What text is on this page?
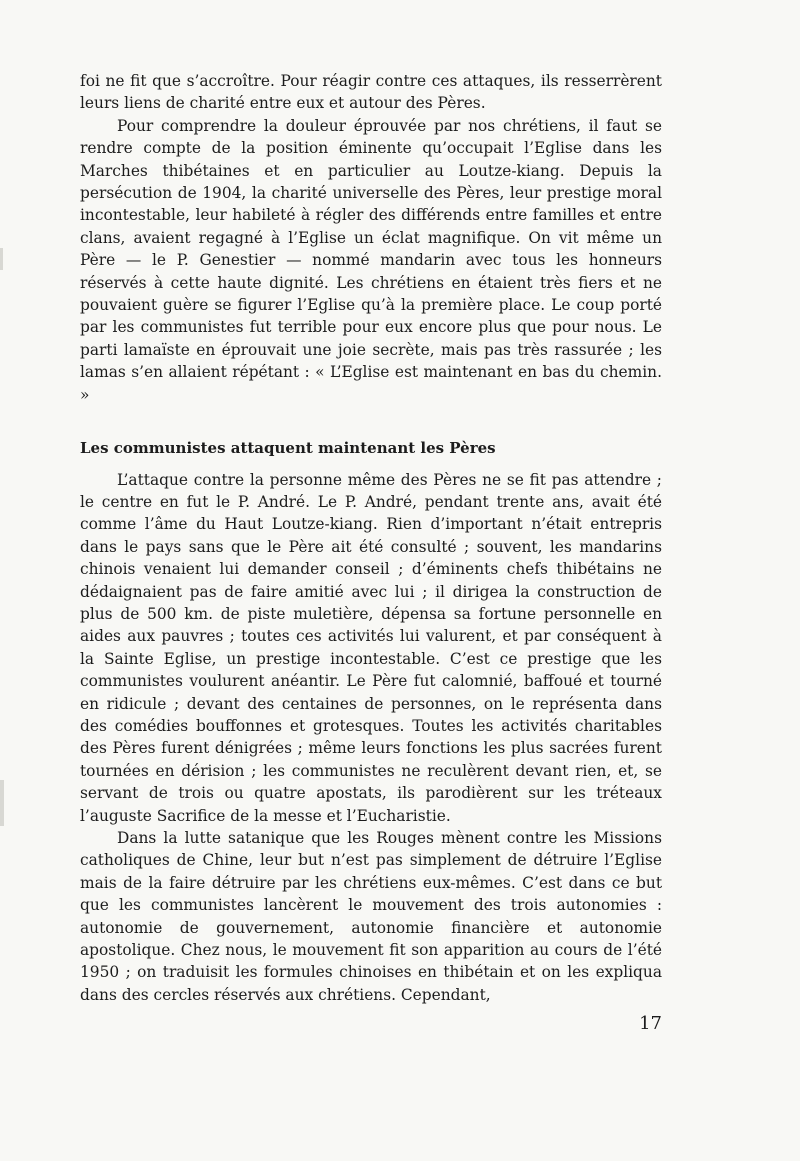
foi ne fit que s’accroître. Pour réagir contre ces attaques, ils resserrèrent leurs liens de charité entre eux et autour des Pères.

Pour comprendre la douleur éprouvée par nos chrétiens, il faut se rendre compte de la position éminente qu’occupait l’Eglise dans les Marches thibétaines et en particulier au Loutze-kiang. Depuis la persécution de 1904, la charité universelle des Pères, leur prestige moral incontestable, leur habileté à régler des différends entre familles et entre clans, avaient regagné à l’Eglise un éclat magnifique. On vit même un Père — le P. Genestier — nommé mandarin avec tous les honneurs réservés à cette haute dignité. Les chrétiens en étaient très fiers et ne pouvaient guère se figurer l’Eglise qu’à la première place. Le coup porté par les communistes fut terrible pour eux encore plus que pour nous. Le parti lamaïste en éprouvait une joie secrète, mais pas très rassurée ; les lamas s’en allaient répétant : « L’Eglise est maintenant en bas du chemin. »

Les communistes attaquent maintenant les Pères

L’attaque contre la personne même des Pères ne se fit pas attendre ; le centre en fut le P. André. Le P. André, pendant trente ans, avait été comme l’âme du Haut Loutze-kiang. Rien d’important n’était entrepris dans le pays sans que le Père ait été consulté ; souvent, les mandarins chinois venaient lui demander conseil ; d’éminents chefs thibétains ne dédaignaient pas de faire amitié avec lui ; il dirigea la construction de plus de 500 km. de piste muletière, dépensa sa fortune personnelle en aides aux pauvres ; toutes ces activités lui valurent, et par conséquent à la Sainte Eglise, un prestige incontestable. C’est ce prestige que les communistes voulurent anéantir. Le Père fut calomnié, baffoué et tourné en ridicule ; devant des centaines de personnes, on le représenta dans des comédies bouffonnes et grotesques. Toutes les activités charitables des Pères furent dénigrées ; même leurs fonctions les plus sacrées furent tournées en dérision ; les communistes ne reculèrent devant rien, et, se servant de trois ou quatre apostats, ils parodièrent sur les tréteaux l’auguste Sacrifice de la messe et l’Eucharistie.

Dans la lutte satanique que les Rouges mènent contre les Missions catholiques de Chine, leur but n’est pas simplement de détruire l’Eglise mais de la faire détruire par les chrétiens eux-mêmes. C’est dans ce but que les communistes lancèrent le mouvement des trois autonomies : autonomie de gouvernement, autonomie financière et autonomie apostolique. Chez nous, le mouvement fit son apparition au cours de l’été 1950 ; on traduisit les formules chinoises en thibétain et on les expliqua dans des cercles réservés aux chrétiens. Cependant,

17
